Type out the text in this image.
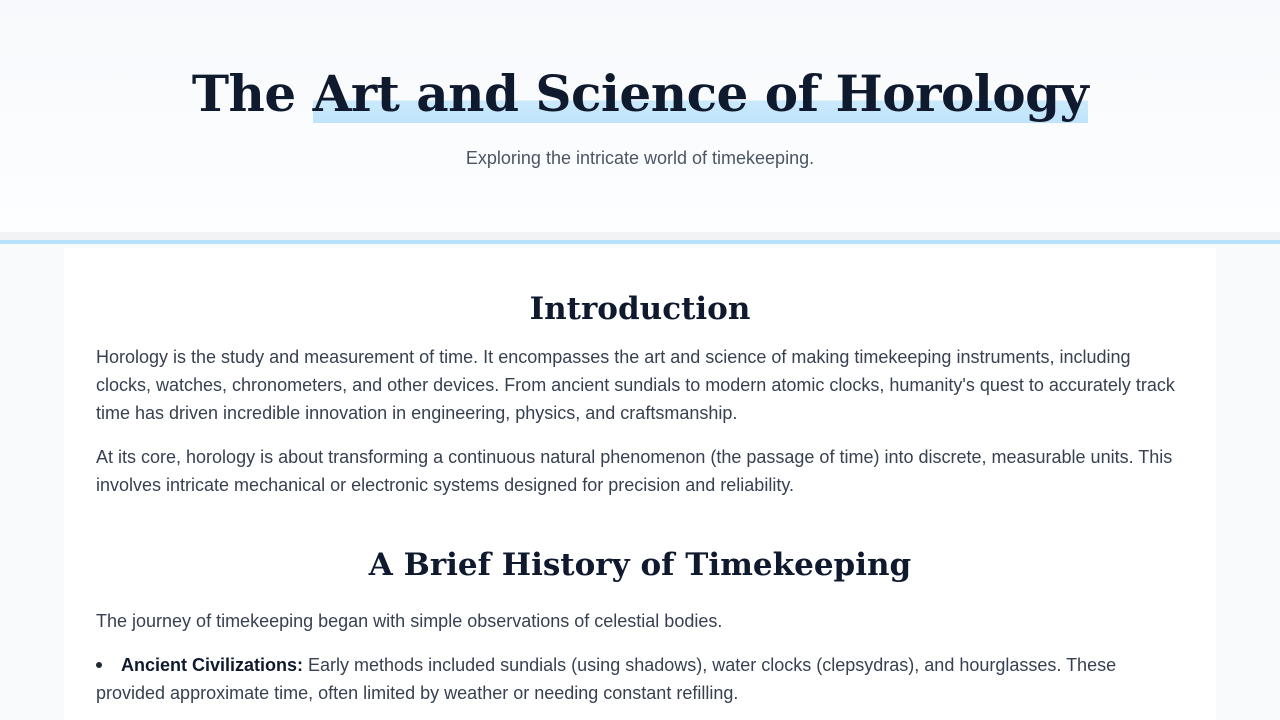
The Art and Science of Horology

Exploring the intricate world of timekeeping.

Introduction

Horology is the study and measurement of time. It encompasses the art and science of making timekeeping instruments, including clocks, watches, chronometers, and other devices. From ancient sundials to modern atomic clocks, humanity's quest to accurately track time has driven incredible innovation in engineering, physics, and craftsmanship.

At its core, horology is about transforming a continuous natural phenomenon (the passage of time) into discrete, measurable units. This involves intricate mechanical or electronic systems designed for precision and reliability.

A Brief History of Timekeeping

The journey of timekeeping began with simple observations of celestial bodies.

Ancient Civilizations: Early methods included sundials (using shadows), water clocks (clepsydras), and hourglasses. These provided approximate time, often limited by weather or needing constant refilling.
